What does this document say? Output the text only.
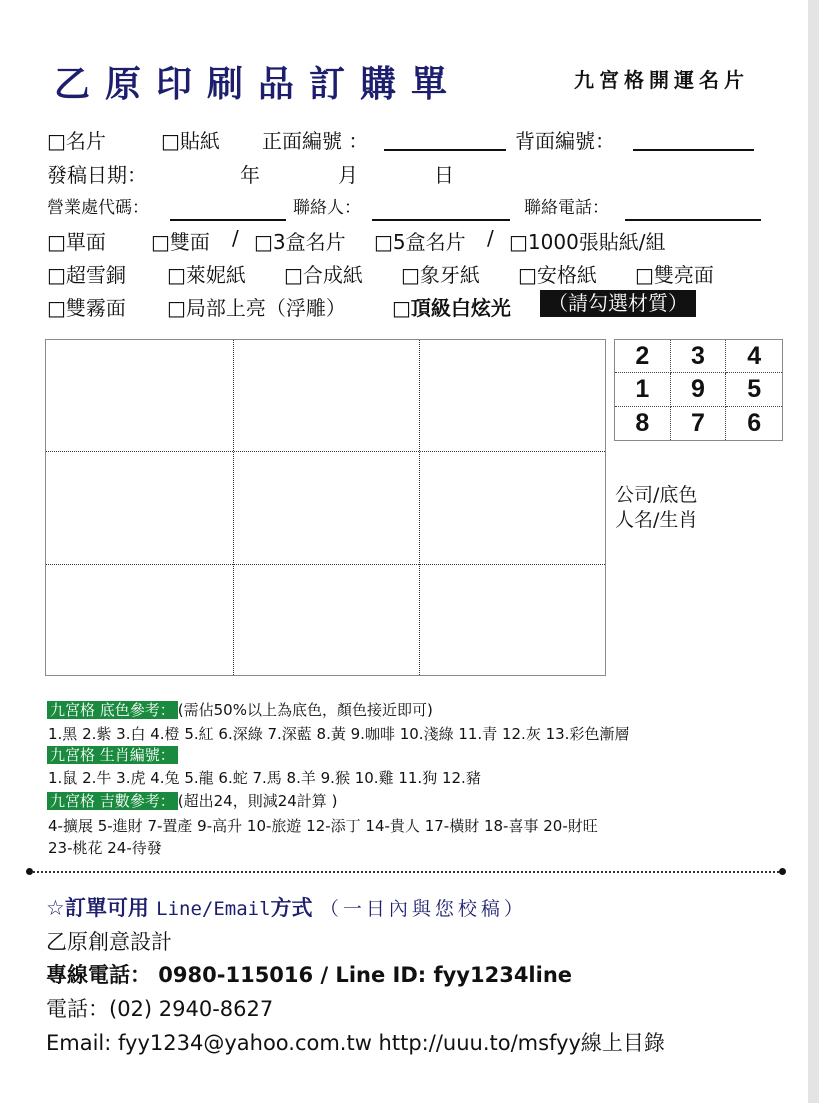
乙原印刷品訂購單	九宮格開運名片
□名片	□貼紙 正面編號 ：	背面編號：
發稿日期：	年	月	日
營業處代碼：	聯絡人：	聯絡電話：
□單面 □雙面 / □3盒名片 □5盒名片 / □1000張貼紙/組
□超雪銅 □萊妮紙 □合成紙 □象牙紙 □安格紙 □雙亮面
□雙霧面 □局部上亮（浮雕） □頂級白炫光	（請勾選材質）
2	3	4
1	9	5
8	7	6
公司/底色
人名/生肖
九宮格 底色參考： (需佔50%以上為底色，顏色接近即可)
1.黑 2.紫 3.白 4.橙 5.紅 6.深綠 7.深藍 8.黃 9.咖啡 10.淺綠 11.青 12.灰 13.彩色漸層
九宮格 生肖編號：
1.鼠 2.牛 3.虎 4.兔 5.龍 6.蛇 7.馬 8.羊 9.猴 10.雞 11.狗 12.豬
九宮格 吉數參考： (超出24，則減24計算 )
4-擴展 5-進財 7-置產 9-高升 10-旅遊 12-添丁 14-貴人 17-橫財 18-喜事 20-財旺
23-桃花 24-待發
☆訂單可用 Line/Email方式 （一日內與您校稿）
乙原創意設計
專線電話： 0980-115016 / Line ID: fyy1234line
電話：(02) 2940-8627
Email: fyy1234@yahoo.com.tw http://uuu.to/msfyy線上目錄
